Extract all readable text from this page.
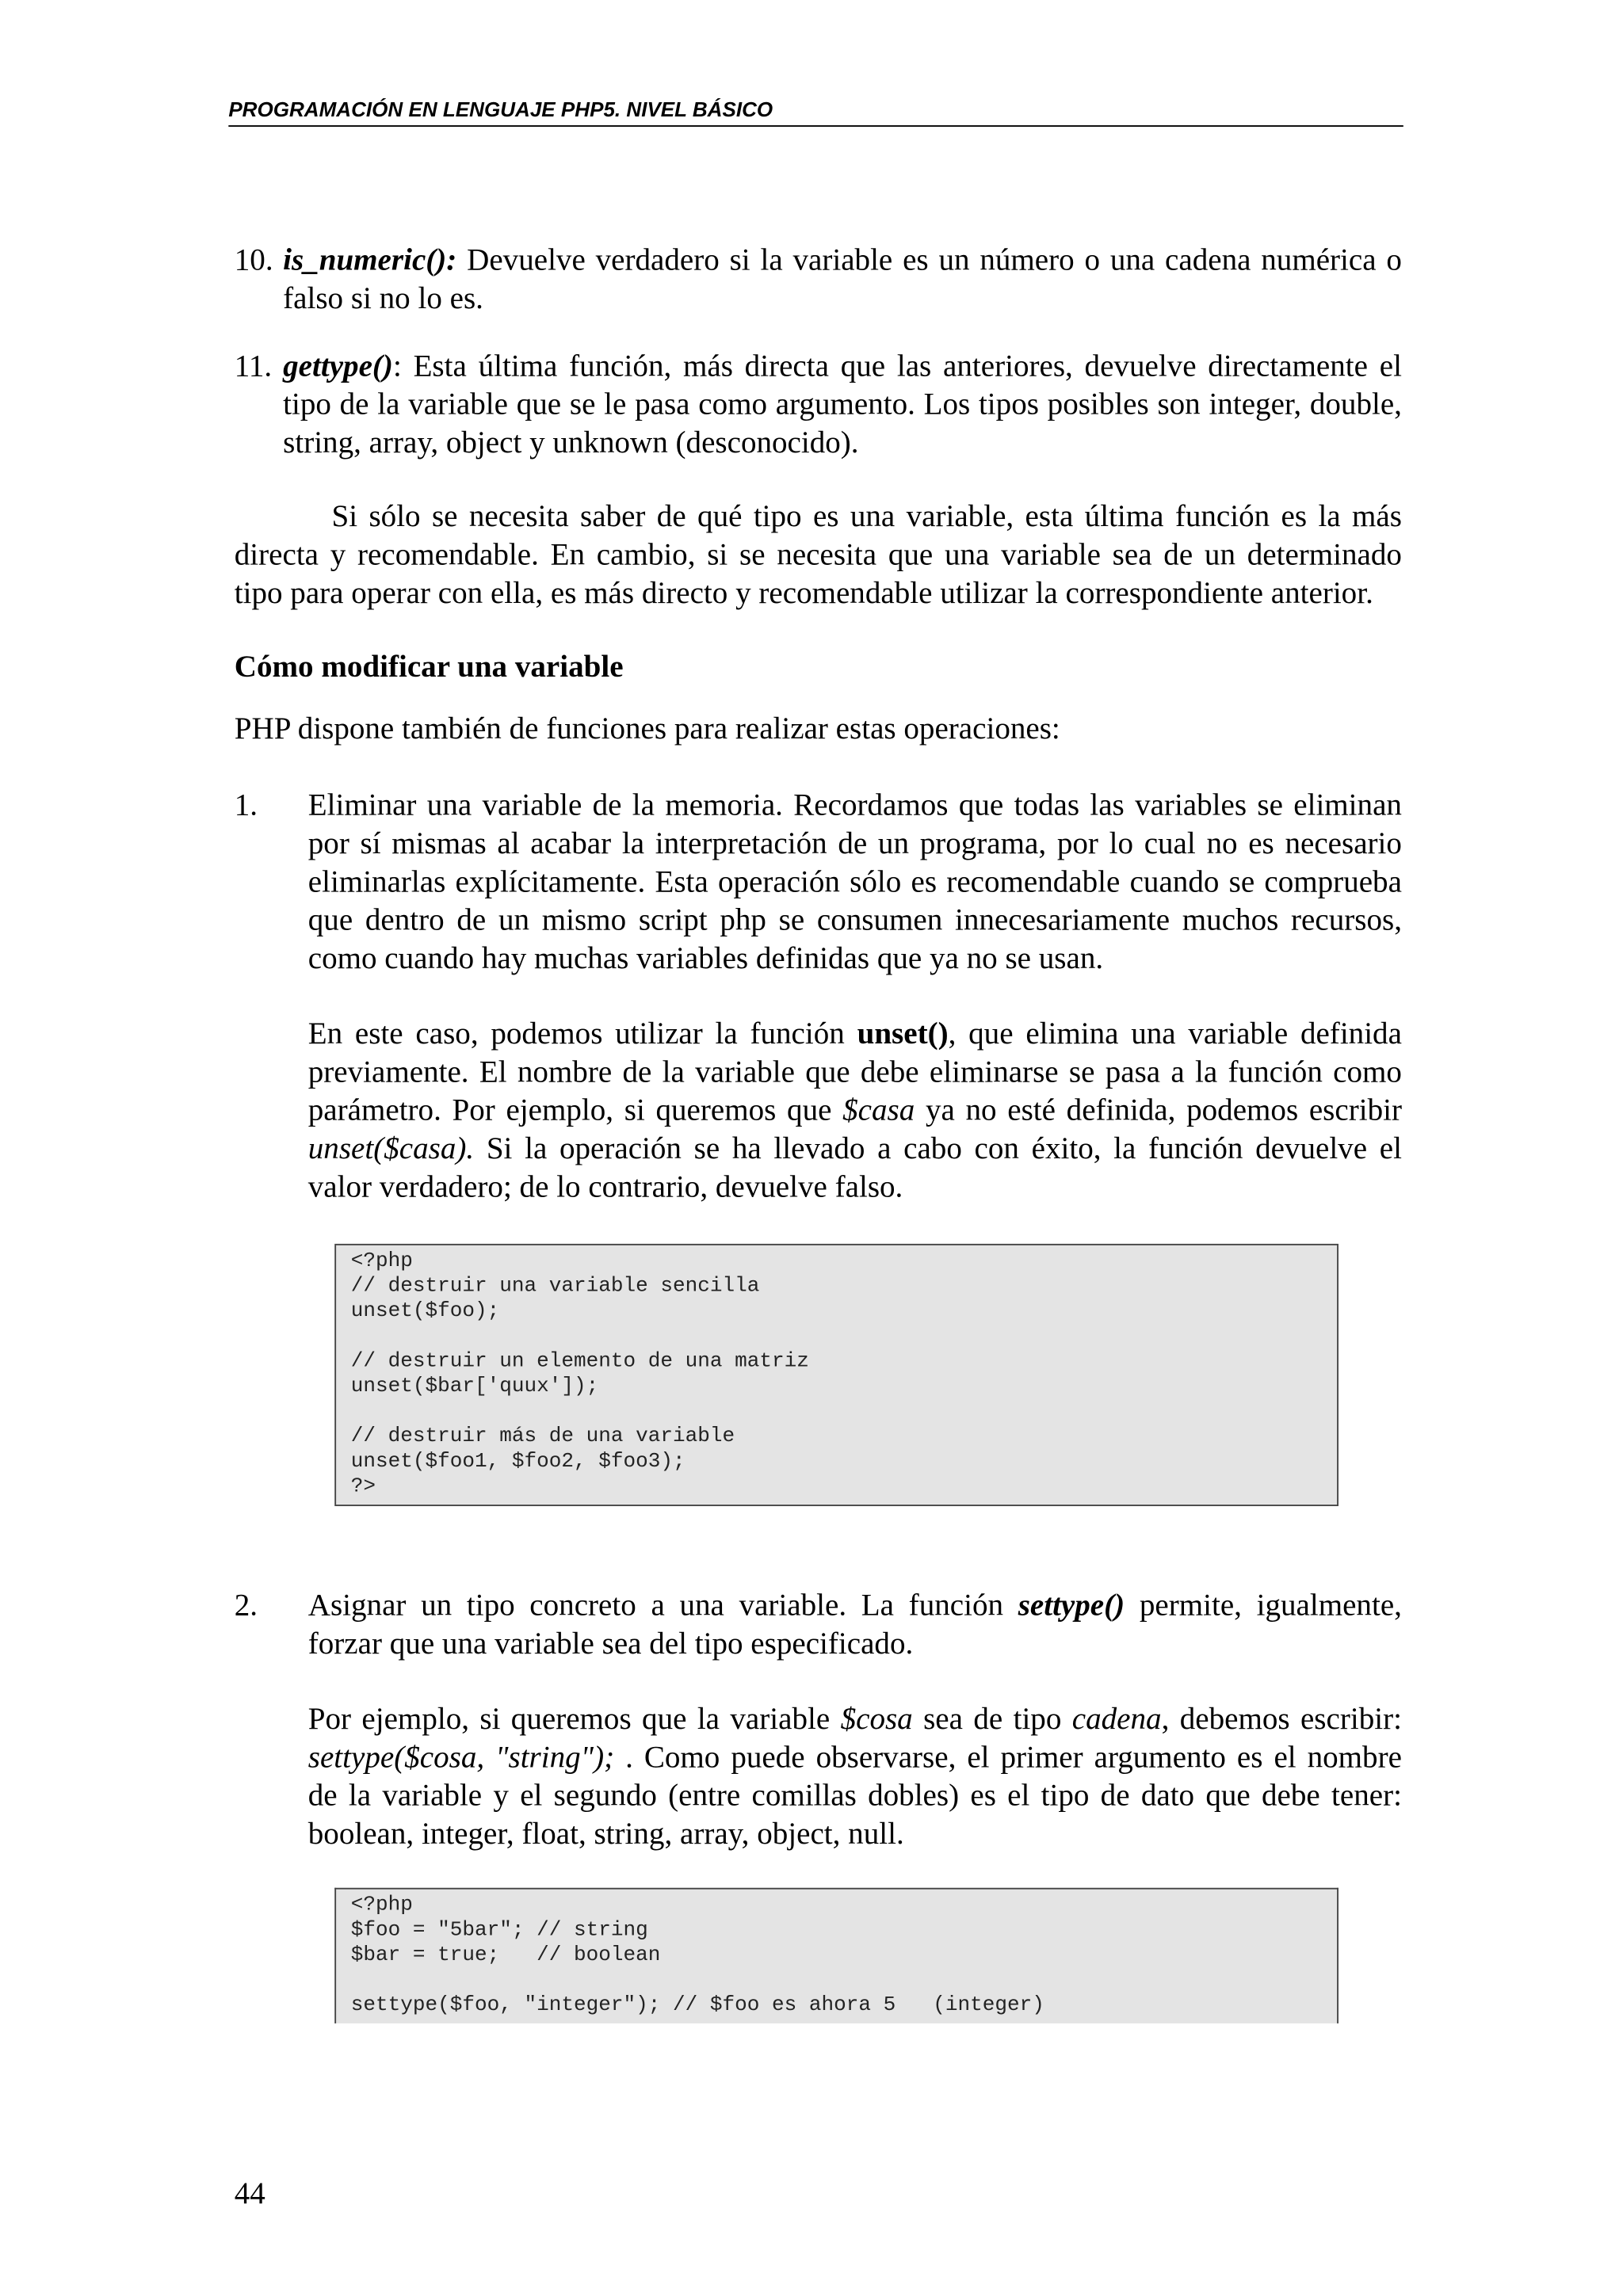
PROGRAMACIÓN EN LENGUAJE PHP5. NIVEL BÁSICO
10. is_numeric(): Devuelve verdadero si la variable es un número o una cadena numérica o falso si no lo es.
11. gettype(): Esta última función, más directa que las anteriores, devuelve directamente el tipo de la variable que se le pasa como argumento. Los tipos posibles son integer, double, string, array, object y unknown (desconocido).
Si sólo se necesita saber de qué tipo es una variable, esta última función es la más directa y recomendable. En cambio, si se necesita que una variable sea de un determinado tipo para operar con ella, es más directo y recomendable utilizar la correspondiente anterior.
Cómo modificar una variable
PHP dispone también de funciones para realizar estas operaciones:
1.	Eliminar una variable de la memoria. Recordamos que todas las variables se eliminan por sí mismas al acabar la interpretación de un programa, por lo cual no es necesario eliminarlas explícitamente. Esta operación sólo es recomendable cuando se comprueba que dentro de un mismo script php se consumen innecesariamente muchos recursos, como cuando hay muchas variables definidas que ya no se usan.
En este caso, podemos utilizar la función unset(), que elimina una variable definida previamente. El nombre de la variable que debe eliminarse se pasa a la función como parámetro. Por ejemplo, si queremos que $casa ya no esté definida, podemos escribir unset($casa). Si la operación se ha llevado a cabo con éxito, la función devuelve el valor verdadero; de lo contrario, devuelve falso.
<?php
// destruir una variable sencilla
unset($foo);

// destruir un elemento de una matriz
unset($bar['quux']);

// destruir más de una variable
unset($foo1, $foo2, $foo3);
?>
2.	Asignar un tipo concreto a una variable. La función settype() permite, igualmente, forzar que una variable sea del tipo especificado.
Por ejemplo, si queremos que la variable $cosa sea de tipo cadena, debemos escribir: settype($cosa, "string"); . Como puede observarse, el primer argumento es el nombre de la variable y el segundo (entre comillas dobles) es el tipo de dato que debe tener: boolean, integer, float, string, array, object, null.
<?php
$foo = "5bar"; // string
$bar = true;   // boolean

settype($foo, "integer"); // $foo es ahora 5   (integer)
44
